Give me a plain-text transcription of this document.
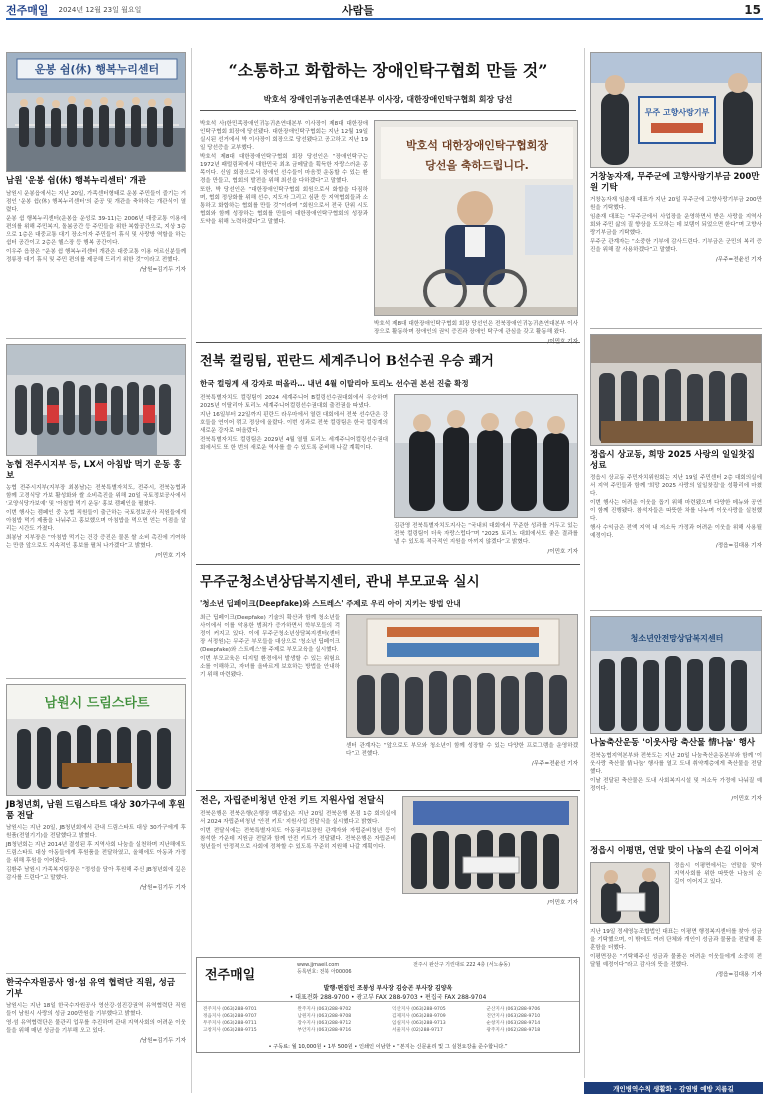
전주매일 2024년 12월 23일 월요일	사람들	15
운봉 쉼(休) 행복누리센터
남원 '운봉 쉼(休) 행복누리센터' 개관

남원시 운봉읍에서는 지난 20일, 가족센터형태로 운봉 주민들이 즐기는 거점인 '운봉 쉼(休) 행복누리센터'의 준공 및 개관을 축하하는 개관식이 열렸다.

운봉 쉼 행복누리센터(운봉읍 운성로 39-11)는 2006년 대중교통 이용에 편의를 위해 주민복지, 돌봄공간 등 주민들을 위한 복합공간으로, 지상 3층으로 1층은 대중교통 대기 장소이자 주민들이 휴식 및 사랑방 역할을 하는 쉼터 공간이고 2층은 헬스장 등 행복 공간이다.

이우주 읍장은 “운봉 쉼 행복누리센터 개관은 대중교통 이용 어르신분들께 정류장 대기 휴식 및 주민 편의를 제공해 드리기 위한 것”이라고 전했다.

/남원=김기두 기자
농협 전주시지부 등, LX서 아침밥 먹기 운동 홍보

농협 전주시지부(지부장 최봉남)는 전북특별자치도, 전주시, 전북농협과 함께 고경식당 가보 활성화와 쌀 소비촉진을 위해 20일 국토정보공사에서 '교양식당가보예' 및 '아침밥 먹기 운동' 홍보 캠페인을 펼쳤다.

이번 행사는 캠페인 중 농협 직원들이 출근하는 국토정보공사 직원들에게 아침밥 먹기 제품을 나눠주고 홍보했으며 아침밥을 먹으면 얻는 이점을 알리는 시간도 가졌다.

최봉남 지부장은 “아침밥 먹기는 건강 증진은 물론 쌀 소비 촉진에 기여하는 만큼 앞으로도 지속적인 홍보를 펼쳐 나가겠다”고 밝혔다.

/이민호 기자
남원시 드림스타트
JB청년회, 남원 드림스타트 대상 30가구에 후원품 전달

남원시는 지난 20일, JB청년회에서 관내 드림스타트 대상 30가구에게 후원품(전열기기)을 전달했다고 밝혔다.

JB청년회는 지난 2014년 결성된 후 지역사회 나눔을 실천하며 지난해에도 드림스타트 대상 아동들에게 후원품을 전달하였고, 올해에도 아동과 가정을 위해 후원을 이어왔다.

김환주 남원시 가족복지팀장은 “정성을 담아 후원해 주신 JB청년회에 깊은 감사를 드린다”고 말했다.

/남원=김기두 기자
한국수자원공사 영·섬 유역 협력단 직원, 성금 기부

남원시는 지난 18일 한국수자원공사 영산강·섬진강권역 유역협력단 직원들이 남원시 사랑의 성금 200만원을 기부했다고 밝혔다.

영·섬 유역협력단은 물관리 업무를 추진하며 관내 지역사회의 어려운 이웃들을 위해 매년 성금을 기부해 오고 있다.

/남원=김기두 기자
“소통하고 화합하는 장애인탁구협회 만들 것”
박호석 장애인귀농귀촌연대본부 이사장, 대한장애인탁구협회 회장 당선

박호석 사)한민족장애인귀농귀촌연대본부 이사장이 제8대 대한장애인탁구협회 회장에 당선됐다. 대한장애인탁구협회는 지난 12월 19일 실시된 선거에서 박 이사장이 회장으로 당선됐다고 공고하고 지난 19일 당선증을 교부했다.

박호석 제8대 대한장애인탁구협회 회장 당선인은 “장애인탁구는 1972년 패럴림픽에서 대한민국 최초 금메달을 획득한 자랑스러운 종목이다. 신임 회장으로서 장애인 선수들이 마음껏 운동할 수 있는 환경을 만들고, 협회의 발전을 위해 최선을 다하겠다”고 말했다.

또한, 박 당선인은 “대한장애인탁구협회 회원으로서 화합을 다짐하며, 협회 정상화를 위해 선수, 지도자 그리고 심판 등 지역협회들과 소통하고 화합하는 협회를 만들 것”이라며 “회원으로서 전국 단위 시도협회와 함께 성장하는 협회를 만들어 대한장애인탁구협회의 성장과 도약을 위해 노력하겠다”고 말했다.

박호석 대한장애인탁구협회장
당선을 축하드립니다.

박호석 제8대 대한장애인탁구협회 회장 당선인은 전북장애인귀농귀촌연대본부 이사장으로 활동하며 장애인의 권익 증진과 장애인 탁구에 관심을 갖고 활동해 왔다.

/이민호 기자
전북 컬링팀, 핀란드 세계주니어 B선수권 우승 쾌거
한국 컬링계 새 강자로 떠올라… 내년 4월 이탈리아 토리노 선수권 본선 진출 확정

전북특별자치도 컬링팀이 2024 세계주니어 B컬링선수권대회에서 우승하며 2025년 이탈리아 토리노 세계주니어컬링선수권대회 출전권을 따냈다.

지난 16일부터 22일까지 핀란드 라우마에서 열린 대회에서 전북 선수단은 강호들을 연이어 꺾고 정상에 올랐다. 이번 성과로 전북 컬링팀은 한국 컬링계의 새로운 강자로 떠올랐다.

전북특별자치도 컬링팀은 2029년 4월 열릴 토리노 세계주니어컬링선수권대회에서도 또 한 번의 새로운 역사를 쓸 수 있도록 준비해 나갈 계획이다.

김관영 전북특별자치도지사는 “국내외 대회에서 꾸준한 성과를 거두고 있는 전북 컬링팀이 더욱 자랑스럽다”며 “2025 토리노 대회에서도 좋은 결과를 낼 수 있도록 적극적인 지원을 아끼지 않겠다”고 밝혔다.

/이민호 기자
무주군청소년상담복지센터, 관내 부모교육 실시
'청소년 딥페이크(Deepfake)와 스트레스' 주제로 우리 아이 지키는 방법 안내

최근 딥페이크(Deepfake) 기술의 확산과 함께 청소년들 사이에서 이를 악용한 범죄가 증가하면서 학부모들의 걱정이 커지고 있다. 이에 무주군청소년상담복지센터(센터장 서정원)는 무주군 부모들을 대상으로 '청소년 딥페이크(Deepfake)와 스트레스'를 주제로 부모교육을 실시했다.

이번 부모교육은 디지털 환경에서 발생할 수 있는 위험요소를 이해하고, 자녀를 올바르게 보호하는 방법을 안내하기 위해 마련됐다.

센터 관계자는 “앞으로도 부모와 청소년이 함께 성장할 수 있는 다양한 프로그램을 운영하겠다”고 전했다.

/무주=전윤선 기자
전은, 자립준비청년 안전 키트 지원사업 전달식

전북은행은 전북은행(은행장 백종일)은 지난 20일 전북은행 본점 1층 회의실에서 2024 자립준비청년 '안전 키트' 지원사업 전달식을 실시했다고 밝혔다.

이번 전달식에는 전북특별자치도 아동권리보장원 관계자와 자립준비청년 등이 참석한 가운데 지원금 전달과 함께 안전 키트가 전달됐다. 전북은행은 자립준비청년들이 안정적으로 사회에 정착할 수 있도록 꾸준히 지원해 나갈 계획이다.

/이민호 기자
전주매일
www.jjmaeil.com
등록번호: 전북 아00006
전주시 완산구 기린대로 222 4층 (서노송동)
발행·편집인 조봉성 부사장 김승곤 부사장 김양옥
• 대표전화 288-9700 • 광고부 FAX 288-9703 • 편집국 FAX 288-9704
전주지사 (063)288-9701	완주지사 (063)288-9702	익산지사 (063)288-9705	군산지사 (063)288-9706
정읍지사 (063)288-9707	남원지사 (063)288-9708	김제지사 (063)288-9709	진안지사 (063)288-9710
무주지사 (063)288-9711	장수지사 (063)288-9712	임실지사 (063)288-9713	순창지사 (063)288-9714
고창지사 (063)288-9715	부안지사 (063)288-9716	서울지사 (02)288-9717	광주지사 (062)288-9718
• 구독료: 월 10,000원 • 1부 500원 • 인쇄인 이남한 • “본지는 신문윤리 및 그 실천요강을 준수합니다.”
무주 고향사랑기부
거창농자재, 무주군에 고향사랑기부금 200만원 기탁

거창농자재 임춘재 대표가 지난 20일 무주군에 고향사랑기부금 200만원을 기탁했다.

임춘재 대표는 “무주군에서 사업장을 운영하면서 받은 사랑을 지역사회와 주민 삶의 질 향상을 도모하는 데 보탬이 되었으면 한다”며 고향사랑기부금을 기탁했다.

무주군 관계자는 “소중한 기부에 감사드린다. 기부금은 군민의 복리 증진을 위해 잘 사용하겠다”고 말했다.

/무주=전윤선 기자
정읍시 상교동, 희망 2025 사랑의 일일찻집 성료

정읍시 상교동 주민자치위원회는 지난 19일 주민센터 2층 대회의실에서 지역 주민들과 함께 '희망 2025 사랑의 일일찻집'을 성황리에 마쳤다.

이번 행사는 어려운 이웃을 돕기 위해 마련됐으며 다양한 메뉴와 공연이 함께 진행됐다. 참석자들은 따뜻한 차를 나누며 이웃사랑을 실천했다.

행사 수익금은 전액 지역 내 저소득 가정과 어려운 이웃을 위해 사용될 예정이다.

/정읍=김대용 기자
청소년안전망상담복지센터
나눔축산운동 '이웃사랑 축산물 情나눔' 행사

전북농협지역본부와 전북도는 지난 20일 나눔축산운동본부와 함께 '이웃사랑 축산물 情나눔' 행사를 열고 도내 취약계층에게 축산물을 전달했다.

이날 전달된 축산물은 도내 사회복지시설 및 저소득 가정에 나눠질 예정이다.

/이민호 기자
정읍시 이평면, 연말 맞이 나눔의 손길 이어져

정읍시 이평면에서는 연말을 맞아 지역사회를 위한 따뜻한 나눔의 손길이 이어지고 있다.

지난 19일 정세영농조합법인 대표는 이평면 행정복지센터를 찾아 성금을 기탁했으며, 이 밖에도 여러 단체와 개인이 성금과 물품을 전달해 훈훈함을 더했다.

이평면장은 “기탁해주신 성금과 물품은 어려운 이웃들에게 소중히 전달될 예정이다”라고 감사의 뜻을 전했다.

/정읍=김대용 기자
개인병역수칙 생활화 - 감염병 예방 지름길
